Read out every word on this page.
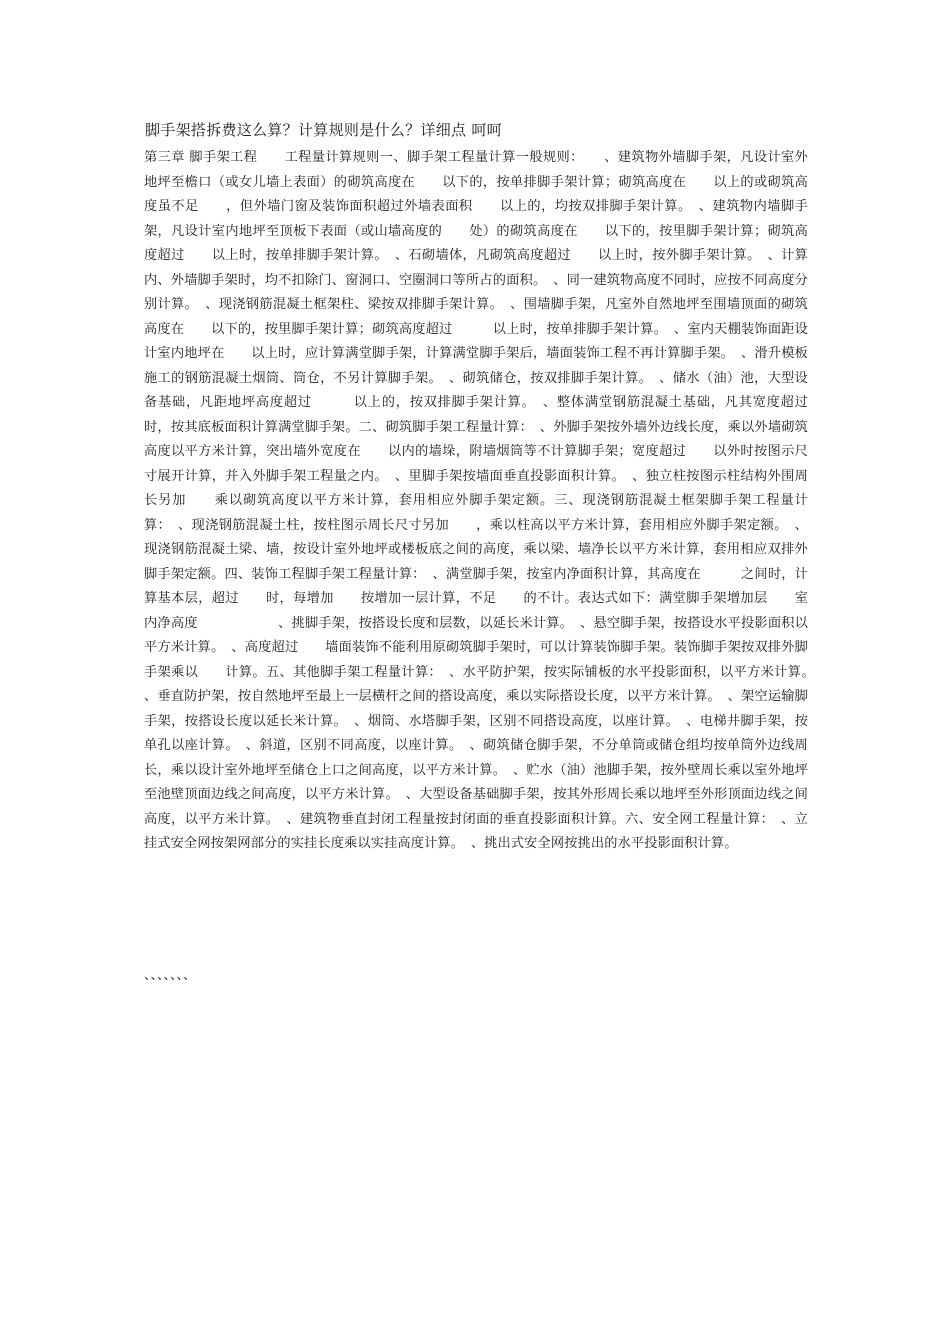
脚手架搭拆费这么算？计算规则是什么？详细点 呵呵
第三章 脚手架工程　　工程量计算规则一、脚手架工程量计算一般规则：　　、建筑物外墙脚手架，凡设计室外地坪至檐口（或女儿墙上表面）的砌筑高度在　　以下的，按单排脚手架计算；砌筑高度在　　以上的或砌筑高度虽不足　　，但外墙门窗及装饰面积超过外墙表面积　　以上的，均按双排脚手架计算。　、建筑物内墙脚手架，凡设计室内地坪至顶板下表面（或山墙高度的　　处）的砌筑高度在　　以下的，按里脚手架计算；砌筑高度超过　　以上时，按单排脚手架计算。　、石砌墙体，凡砌筑高度超过　　以上时，按外脚手架计算。　、计算内、外墙脚手架时，均不扣除门、窗洞口、空圈洞口等所占的面积。　、同一建筑物高度不同时，应按不同高度分别计算。　、现浇钢筋混凝土框架柱、梁按双排脚手架计算。　、围墙脚手架，凡室外自然地坪至围墙顶面的砌筑高度在　　以下的，按里脚手架计算；砌筑高度超过　　　以上时，按单排脚手架计算。　、室内天棚装饰面距设计室内地坪在　　以上时，应计算满堂脚手架，计算满堂脚手架后，墙面装饰工程不再计算脚手架。　、滑升模板施工的钢筋混凝土烟筒、筒仓，不另计算脚手架。　、砌筑储仓，按双排脚手架计算。　、储水（油）池，大型设备基础，凡距地坪高度超过　　　以上的，按双排脚手架计算。　、整体满堂钢筋混凝土基础，凡其宽度超过　　时，按其底板面积计算满堂脚手架。二、砌筑脚手架工程量计算：　、外脚手架按外墙外边线长度，乘以外墙砌筑高度以平方米计算，突出墙外宽度在　　以内的墙垛，附墙烟筒等不计算脚手架；宽度超过　　以外时按图示尺寸展开计算，并入外脚手架工程量之内。　、里脚手架按墙面垂直投影面积计算。　、独立柱按图示柱结构外围周长另加　　乘以砌筑高度以平方米计算，套用相应外脚手架定额。三、现浇钢筋混凝土框架脚手架工程量计算：　、现浇钢筋混凝土柱，按柱图示周长尺寸另加　　，乘以柱高以平方米计算，套用相应外脚手架定额。　、现浇钢筋混凝土梁、墙，按设计室外地坪或楼板底之间的高度，乘以梁、墙净长以平方米计算，套用相应双排外脚手架定额。四、装饰工程脚手架工程量计算：　、满堂脚手架，按室内净面积计算，其高度在　　　之间时，计算基本层，超过　　时，每增加　　按增加一层计算，不足　　的不计。表达式如下：满堂脚手架增加层　　室内净高度　　　　　　、挑脚手架，按搭设长度和层数，以延长米计算。　、悬空脚手架，按搭设水平投影面积以平方米计算。　、高度超过　　墙面装饰不能利用原砌筑脚手架时，可以计算装饰脚手架。装饰脚手架按双排外脚手架乘以　　计算。五、其他脚手架工程量计算：　、水平防护架，按实际铺板的水平投影面积，以平方米计算。　、垂直防护架，按自然地坪至最上一层横杆之间的搭设高度，乘以实际搭设长度，以平方米计算。　、架空运输脚手架，按搭设长度以延长米计算。　、烟筒、水塔脚手架，区别不同搭设高度，以座计算。　、电梯井脚手架，按单孔以座计算。　、斜道，区别不同高度，以座计算。　、砌筑储仓脚手架，不分单筒或储仓组均按单筒外边线周长，乘以设计室外地坪至储仓上口之间高度，以平方米计算。　、贮水（油）池脚手架，按外壁周长乘以室外地坪至池壁顶面边线之间高度，以平方米计算。　、大型设备基础脚手架，按其外形周长乘以地坪至外形顶面边线之间高度，以平方米计算。　、建筑物垂直封闭工程量按封闭面的垂直投影面积计算。六、安全网工程量计算：　、立挂式安全网按架网部分的实挂长度乘以实挂高度计算。　、挑出式安全网按挑出的水平投影面积计算。
、、、、、、、
